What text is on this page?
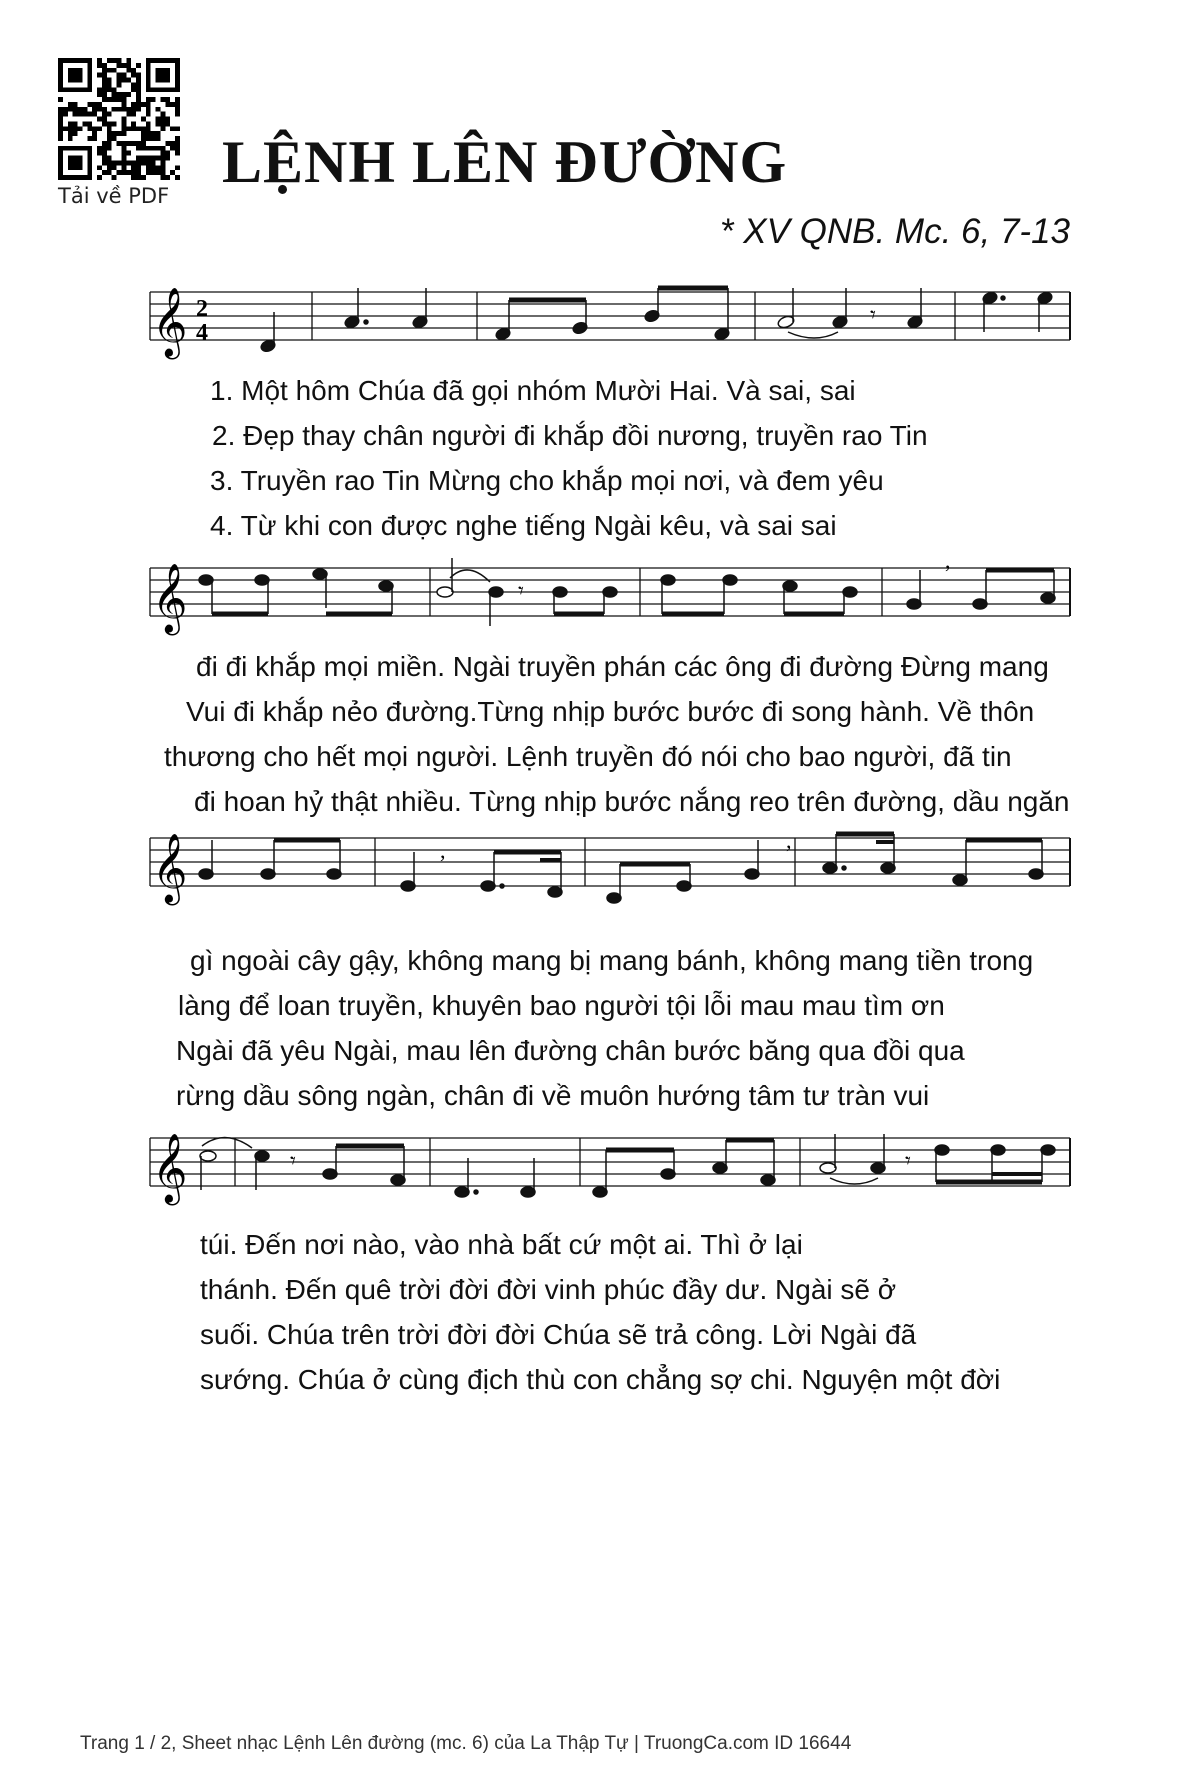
Tải về PDF
LỆNH LÊN ĐƯỜNG
* XV QNB. Mc. 6, 7-13
𝄞 2
4
𝄾
1. Một hôm Chúa đã gọi nhóm Mười Hai. Và sai, sai
2. Đẹp thay chân người đi khắp đồi nương, truyền rao Tin
3. Truyền rao Tin Mừng cho khắp mọi nơi, và đem yêu
4. Từ khi con được nghe tiếng Ngài kêu, và sai sai
𝄞	𝄾
,
đi đi khắp mọi miền. Ngài truyền phán các ông đi đường Đừng mang
Vui đi khắp nẻo đường.Từng nhịp bước bước đi song hành. Về thôn
thương cho hết mọi người. Lệnh truyền đó nói cho bao người, đã tin
đi hoan hỷ thật nhiều. Từng nhịp bước nắng reo trên đường, dầu ngăn
𝄞	,	,
gì ngoài cây gậy, không mang bị mang bánh, không mang tiền trong
làng để loan truyền, khuyên bao người tội lỗi mau mau tìm ơn
Ngài đã yêu Ngài, mau lên đường chân bước băng qua đồi qua
rừng dầu sông ngàn, chân đi về muôn hướng tâm tư tràn vui
𝄞	𝄾	𝄾
túi. Đến nơi nào, vào nhà bất cứ một ai. Thì ở lại
thánh. Đến quê trời đời đời vinh phúc đầy dư. Ngài sẽ ở
suối. Chúa trên trời đời đời Chúa sẽ trả công. Lời Ngài đã
sướng. Chúa ở cùng địch thù con chẳng sợ chi. Nguyện một đời
Trang 1 / 2, Sheet nhạc Lệnh Lên đường (mc. 6) của La Thập Tự | TruongCa.com ID 16644
